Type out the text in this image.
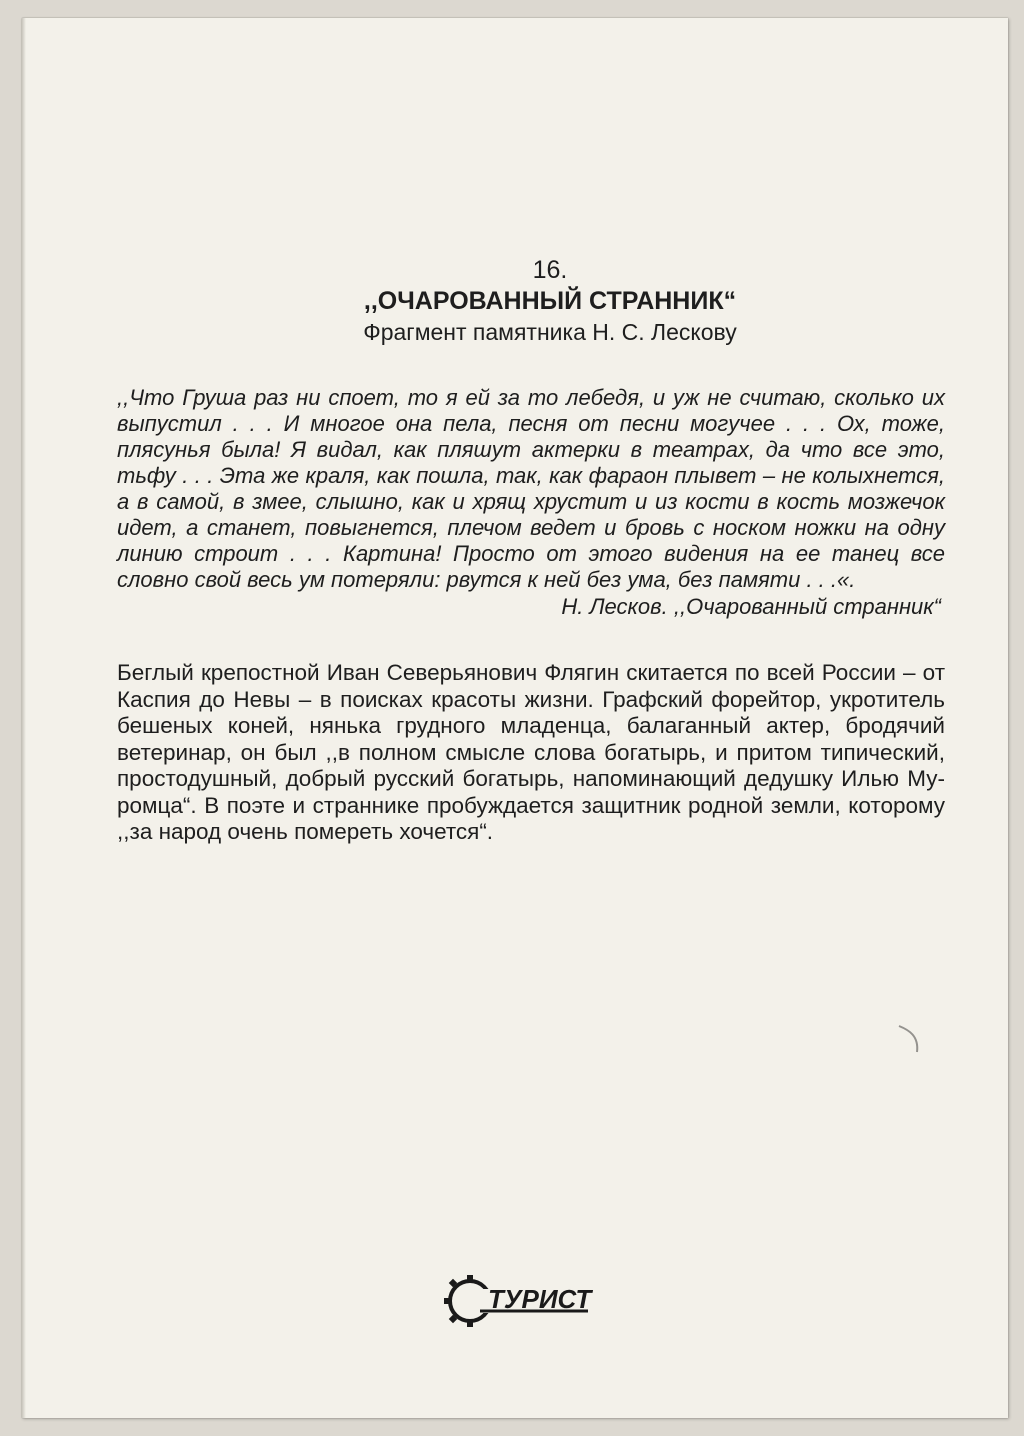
16.
,,ОЧАРОВАННЫЙ СТРАННИК“
Фрагмент памятника Н. С. Лескову

,,Что Груша раз ни споет, то я ей за то лебедя, и уж не считаю, сколько их выпустил . . . И многое она пела, песня от песни могучее . . . Ох, тоже, плясунья была! Я видал, как пляшут актерки в театрах, да что все это, тьфу . . . Эта же краля, как пошла, так, как фараон плывет – не колыхнется, а в самой, в змее, слышно, как и хрящ хрустит и из кости в кость мозжечок идет, а станет, повыгнется, плечом ведет и бровь с носком ножки на одну линию строит . . . Картина! Просто от этого видения на ее танец все словно свой весь ум потеряли: рвутся к ней без ума, без памяти . . .«.

Н. Лесков. ,,Очарованный странник“
Беглый крепостной Иван Северьянович Флягин скитается по всей России – от Каспия до Невы – в поисках красоты жизни. Графский форейтор, укротитель бешеных коней, нянька грудного младенца, балаганный актер, бродячий ветеринар, он был ,,в полном смысле слова богатырь, и притом типический, простодушный, добрый русский богатырь, напоминающий дедушку Илью Муромца“. В поэте и страннике пробуждается защитник родной земли, которому ,,за народ очень помереть хочется“.
ТУРИСТ
